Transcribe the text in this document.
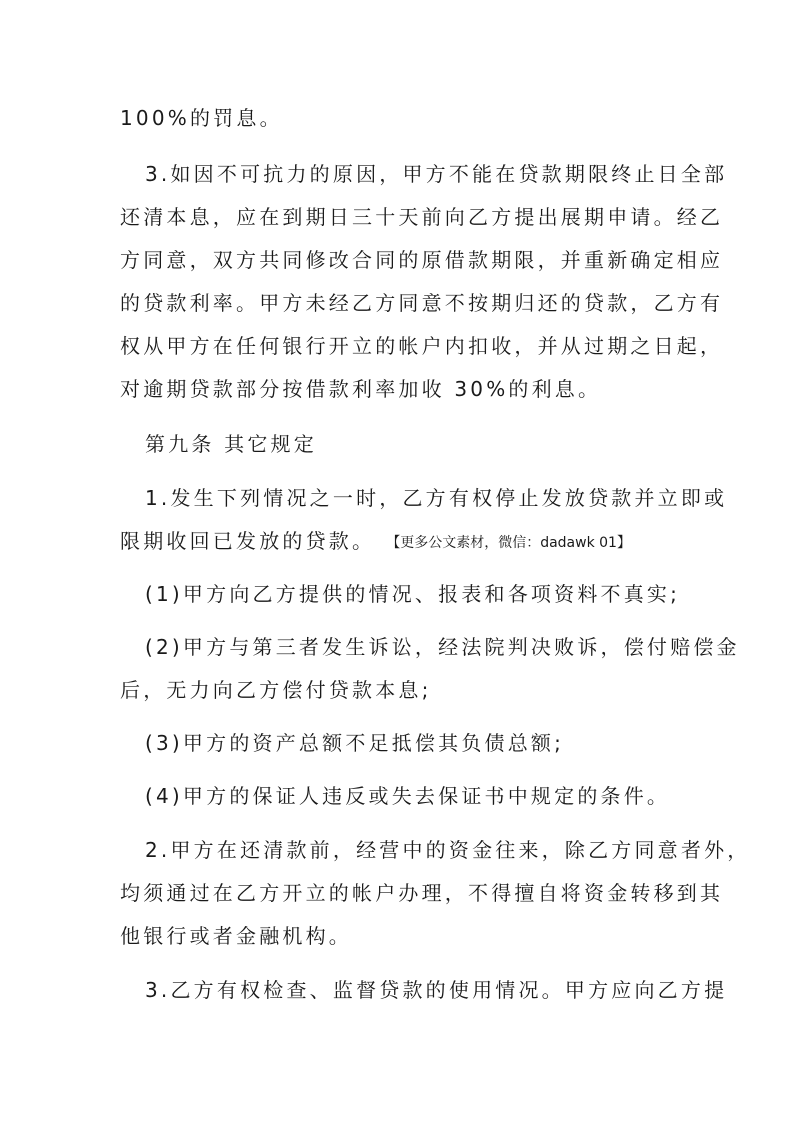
100%的罚息。
3.如因不可抗力的原因，甲方不能在贷款期限终止日全部
还清本息，应在到期日三十天前向乙方提出展期申请。经乙
方同意，双方共同修改合同的原借款期限，并重新确定相应
的贷款利率。甲方未经乙方同意不按期归还的贷款，乙方有
权从甲方在任何银行开立的帐户内扣收，并从过期之日起，
对逾期贷款部分按借款利率加收 30%的利息。
第九条 其它规定
1.发生下列情况之一时，乙方有权停止发放贷款并立即或
限期收回已发放的贷款。 【更多公文素材，微信：dadawk 01】
(1)甲方向乙方提供的情况、报表和各项资料不真实;
(2)甲方与第三者发生诉讼，经法院判决败诉，偿付赔偿金
后，无力向乙方偿付贷款本息;
(3)甲方的资产总额不足抵偿其负债总额;
(4)甲方的保证人违反或失去保证书中规定的条件。
2.甲方在还清款前，经营中的资金往来，除乙方同意者外，
均须通过在乙方开立的帐户办理，不得擅自将资金转移到其
他银行或者金融机构。
3.乙方有权检查、监督贷款的使用情况。甲方应向乙方提
